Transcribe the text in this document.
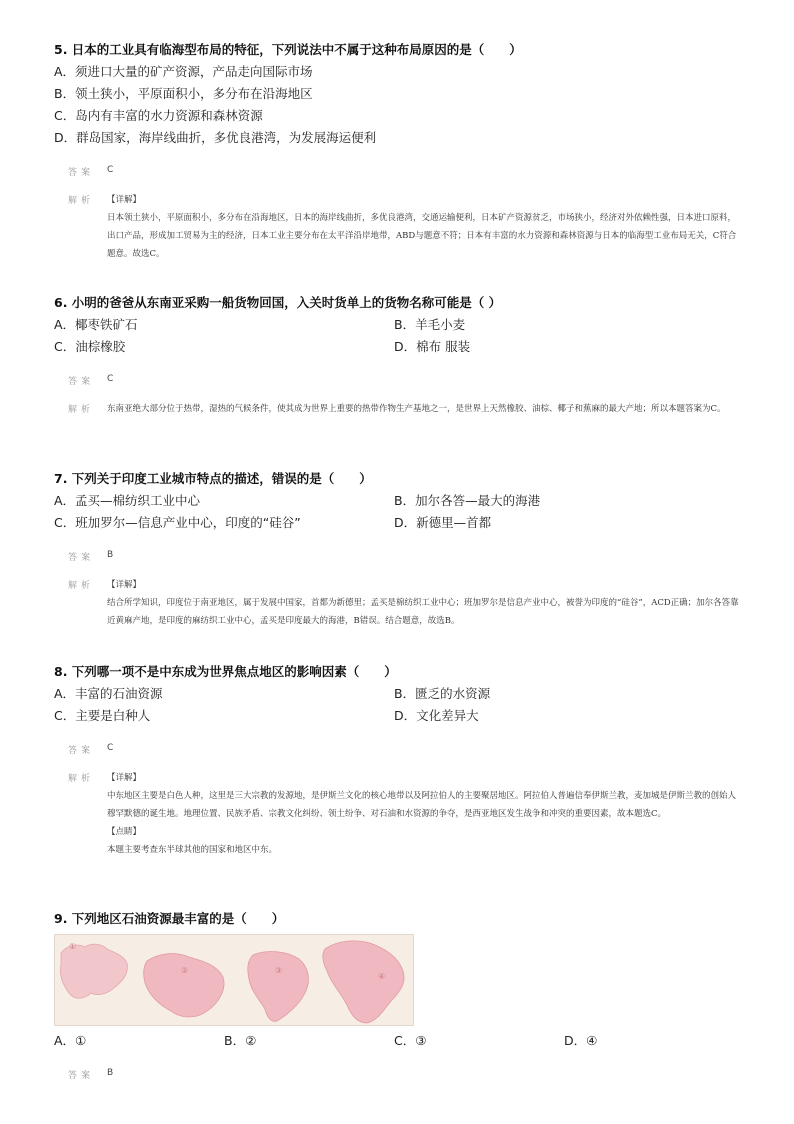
5. 日本的工业具有临海型布局的特征，下列说法中不属于这种布局原因的是（　　）
A．须进口大量的矿产资源，产品走向国际市场
B．领土狭小，平原面积小，多分布在沿海地区
C．岛内有丰富的水力资源和森林资源
D．群岛国家，海岸线曲折，多优良港湾，为发展海运便利
答案 C
解析 【详解】
日本领土狭小，平原面积小，多分布在沿海地区，日本的海岸线曲折，多优良港湾，交通运输便利，日本矿产资源贫乏，市场狭小，经济对外依赖性强，日本进口原料，出口产品，形成加工贸易为主的经济，日本工业主要分布在太平洋沿岸地带，ABD与题意不符；日本有丰富的水力资源和森林资源与日本的临海型工业布局无关，C符合题意。故选C。
6. 小明的爸爸从东南亚采购一船货物回国，入关时货单上的货物名称可能是（ ）
A．椰枣铁矿石	B．羊毛小麦
C．油棕橡胶	D．棉布 服装
答案 C
解析 东南亚绝大部分位于热带，湿热的气候条件，使其成为世界上重要的热带作物生产基地之一，是世界上天然橡胶、油棕、椰子和蕉麻的最大产地；所以本题答案为C。
7. 下列关于印度工业城市特点的描述，错误的是（　　）
A．孟买—棉纺织工业中心	B．加尔各答—最大的海港
C．班加罗尔—信息产业中心，印度的“硅谷”	D．新德里—首都
答案 B
解析 【详解】
结合所学知识，印度位于南亚地区，属于发展中国家，首都为新德里；孟买是棉纺织工业中心；班加罗尔是信息产业中心，被誉为印度的“硅谷”，ACD正确；加尔各答靠近黄麻产地，是印度的麻纺织工业中心，孟买是印度最大的海港，B错误。结合题意，故选B。
8. 下列哪一项不是中东成为世界焦点地区的影响因素（　　）
A．丰富的石油资源	B．匮乏的水资源
C．主要是白种人	D．文化差异大
答案 C
解析 【详解】
中东地区主要是白色人种，这里是三大宗教的发源地，是伊斯兰文化的核心地带以及阿拉伯人的主要聚居地区。阿拉伯人普遍信奉伊斯兰教，麦加城是伊斯兰教的创始人穆罕默德的诞生地。地理位置、民族矛盾、宗教文化纠纷、领土纷争、对石油和水资源的争夺，是西亚地区发生战争和冲突的重要因素，故本题选C。
【点睛】
本题主要考查东半球其他的国家和地区中东。
9. 下列地区石油资源最丰富的是（　　）
①
②	③
④
A．①	B．②	C．③	D．④
答案 B
